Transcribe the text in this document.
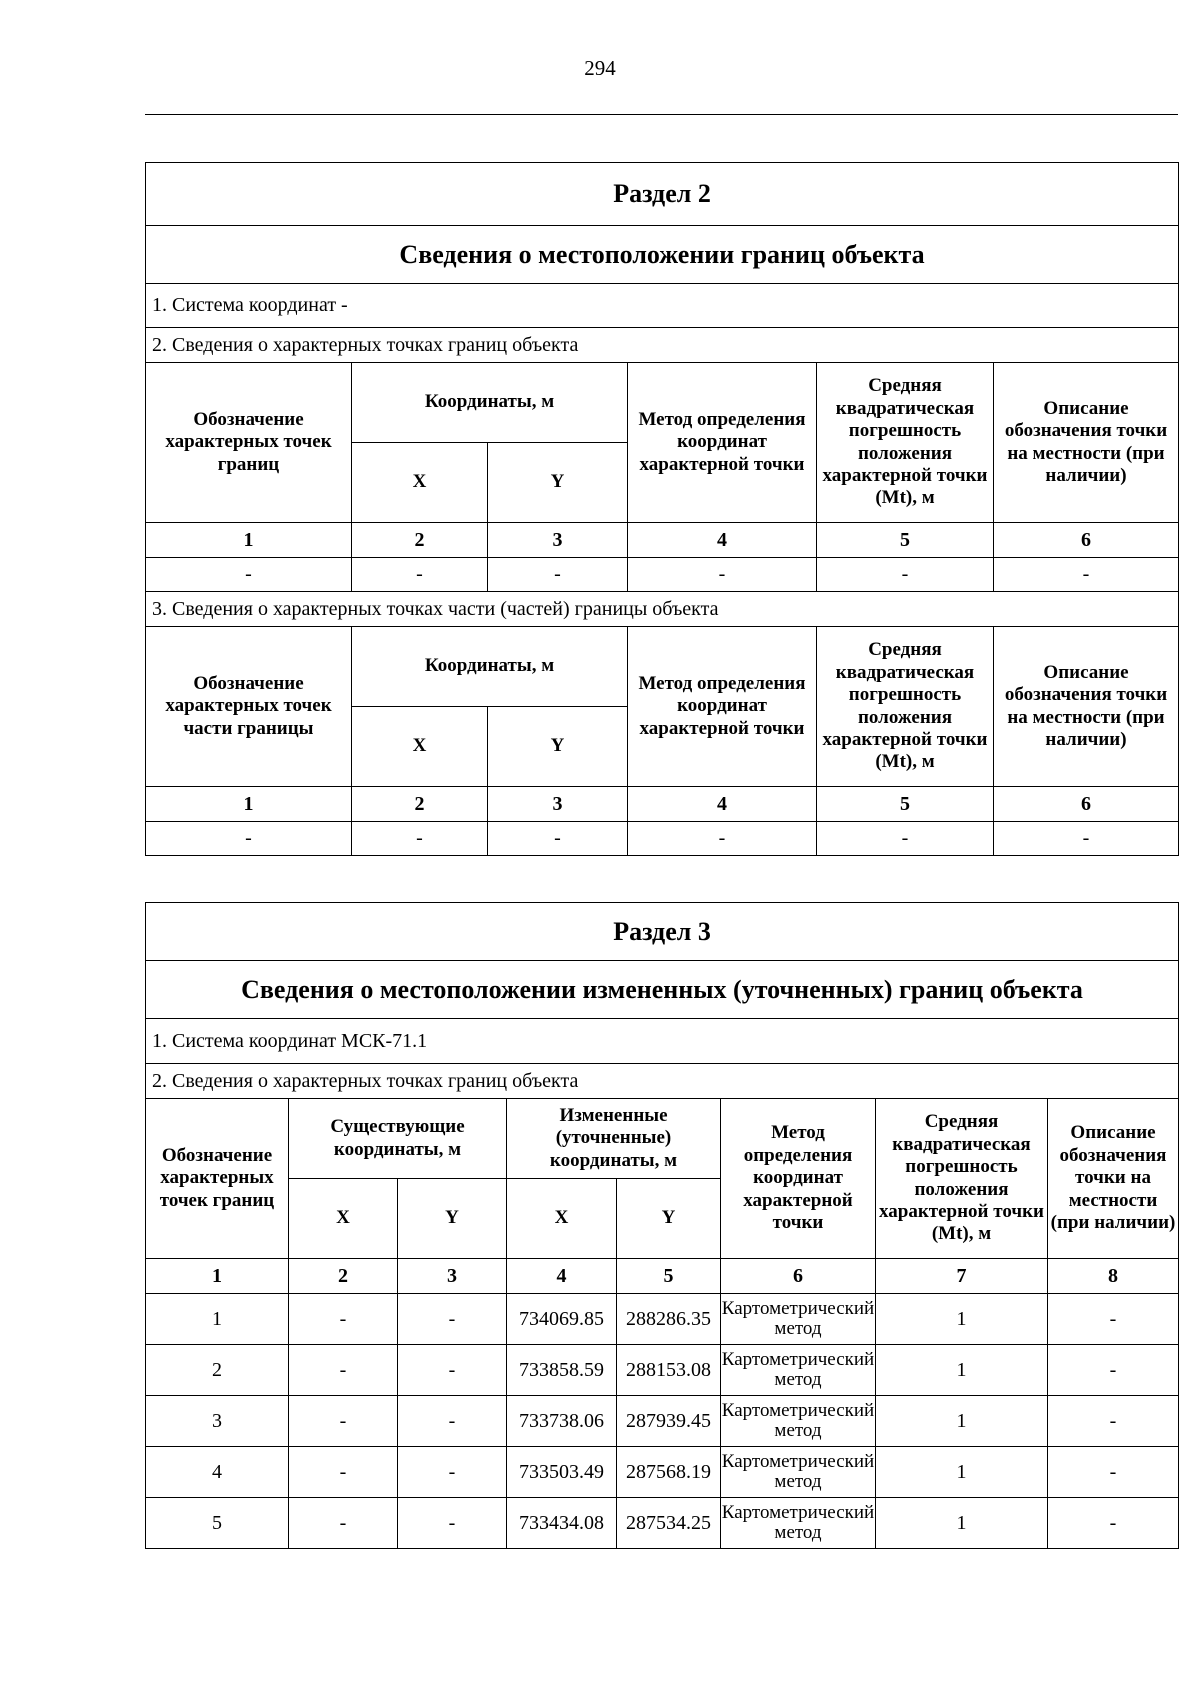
294
Раздел 2					
Сведения о местоположении границ объекта					
1. Система координат -					
2. Сведения о характерных точках границ объекта					
Обозначение характерных точек границ	Координаты, м		Метод определения координат характерной точки	Средняя квадратическая погрешность положения характерной точки (Mt), м	Описание обозначения точки на местности (при наличии)
	X	Y			
1	2	3	4	5	6
-	-	-	-	-	-
3. Сведения о характерных точках части (частей) границы объекта					
Обозначение характерных точек части границы	Координаты, м		Метод определения координат характерной точки	Средняя квадратическая погрешность положения характерной точки (Mt), м	Описание обозначения точки на местности (при наличии)
	X	Y			
1	2	3	4	5	6
-	-	-	-	-	-
Раздел 3							
Сведения о местоположении измененных (уточненных) границ объекта							
1. Система координат МСК-71.1							
2. Сведения о характерных точках границ объекта							
Обозначение характерных точек границ	Существующие координаты, м		Измененные (уточненные) координаты, м		Метод определения координат характерной точки	Средняя квадратическая погрешность положения характерной точки (Mt), м	Описание обозначения точки на местности (при наличии)
	X	Y	X	Y			
1	2	3	4	5	6	7	8
1	-	-	734069.85	288286.35	Картометрический метод	1	-
2	-	-	733858.59	288153.08	Картометрический метод	1	-
3	-	-	733738.06	287939.45	Картометрический метод	1	-
4	-	-	733503.49	287568.19	Картометрический метод	1	-
5	-	-	733434.08	287534.25	Картометрический метод	1	-
